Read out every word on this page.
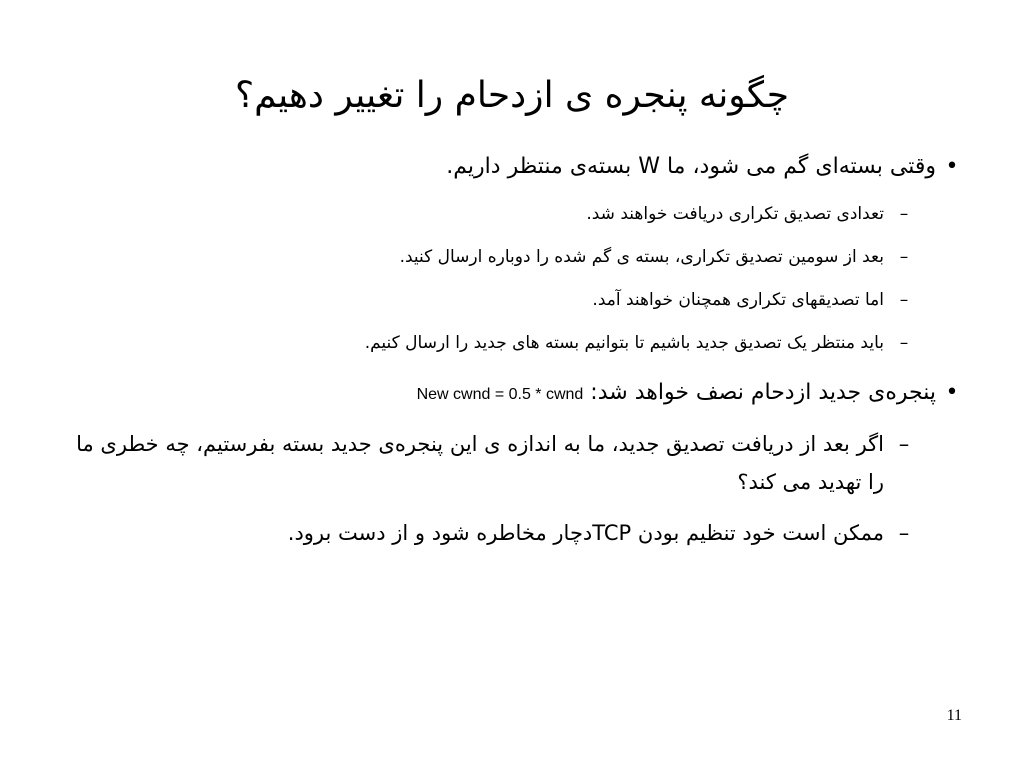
چگونه پنجره ی ازدحام را تغییر دهیم؟
•
وقتی بسته‌ای گم می شود، ما W بسته‌ی منتظر داریم.
–
تعدادی تصدیق تکراری دریافت خواهند شد.
–
بعد از سومین تصدیق تکراری، بسته ی گم شده را دوباره ارسال کنید.
–
اما تصدیقهای تکراری همچنان خواهند آمد.
–
باید منتظر یک تصدیق جدید باشیم تا بتوانیم بسته های جدید را ارسال کنیم.
•
پنجره‌ی جدید ازدحام نصف خواهد شد: New cwnd = 0.5 * cwnd
–
اگر بعد از دریافت تصدیق جدید، ما به اندازه ی این پنجره‌ی جدید بسته بفرستیم، چه خطری ما را تهدید می کند؟
–
ممکن است خود تنظیم بودن TCPدچار مخاطره شود و از دست برود.
11
